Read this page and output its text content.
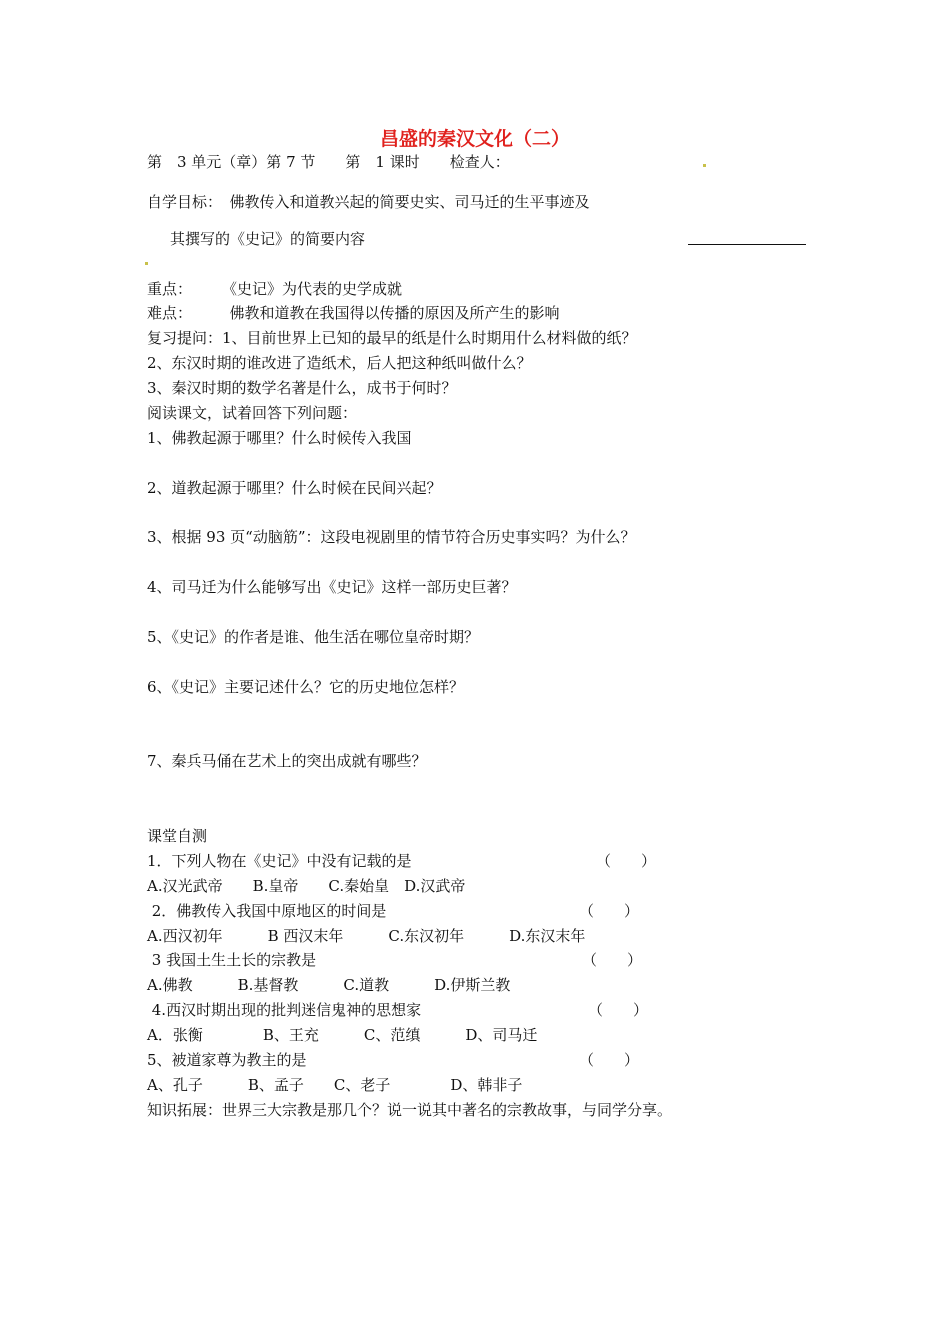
昌盛的秦汉文化（二）
第　3 单元（章）第 7 节　　第　1 课时　　检查人：
自学目标：　佛教传入和道教兴起的简要史实、司马迁的生平事迹及
其撰写的《史记》的简要内容
重点：　　　《史记》为代表的史学成就
难点：　　　佛教和道教在我国得以传播的原因及所产生的影响
复习提问：1、目前世界上已知的最早的纸是什么时期用什么材料做的纸？
2、东汉时期的谁改进了造纸术，后人把这种纸叫做什么？
3、秦汉时期的数学名著是什么，成书于何时？
阅读课文，试着回答下列问题：
1、佛教起源于哪里？什么时候传入我国
2、道教起源于哪里？什么时候在民间兴起？
3、根据 93 页“动脑筋”：这段电视剧里的情节符合历史事实吗？为什么？
4、司马迁为什么能够写出《史记》这样一部历史巨著？
5、《史记》的作者是谁、他生活在哪位皇帝时期？
6、《史记》主要记述什么？它的历史地位怎样？
7、秦兵马俑在艺术上的突出成就有哪些？
课堂自测
1．下列人物在《史记》中没有记载的是	（　　）
A.汉光武帝　　B.皇帝　　C.秦始皇　D.汉武帝
2．佛教传入我国中原地区的时间是	（　　）
A.西汉初年　　　B 西汉末年　　　C.东汉初年　　　D.东汉末年
3 我国土生土长的宗教是	（　　）
A.佛教　　　B.基督教　　　C.道教　　　D.伊斯兰教
4.西汉时期出现的批判迷信鬼神的思想家	（　　）
A．张衡　　　　B、王充　　　C、范缜　　　D、司马迁
5、被道家尊为教主的是	（　　）
A、孔子　　　B、孟子　　C、老子　　　　D、韩非子
知识拓展：世界三大宗教是那几个？说一说其中著名的宗教故事，与同学分享。
